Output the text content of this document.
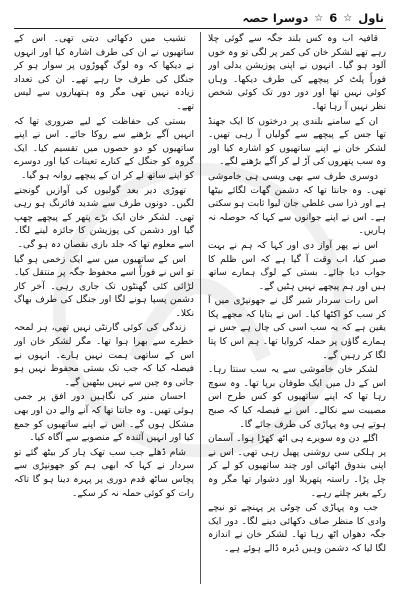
ناول
☆
6
☆
دوسرا حصہ

قافیہ اب وہ کس بلند جگہ سے گوئی چلا رہے تھے لشکر خان کی کمر پر لگی تو وہ خوں آلود ہو گیا۔ انہوں نے اپنی پوزیشن بدلی اور فوراً پلٹ کر پیچھے کی طرف دیکھا۔ وہاں کوئی نہیں تھا اور دور دور تک کوئی شخص نظر نہیں آ رہا تھا۔

ان کے سامنے بلندی پر درختوں کا ایک جھنڈ تھا جس کے پیچھے سے گولیاں آ رہی تھیں۔ لشکر خان نے اپنے ساتھیوں کو اشارہ کیا اور وہ سب پتھروں کی آڑ لے کر آگے بڑھنے لگے۔

دوسری طرف سے بھی ویسی ہی خاموشی تھی۔ وہ جانتا تھا کہ دشمن گھات لگائے بیٹھا ہے اور ذرا سی غلطی جان لیوا ثابت ہو سکتی ہے۔ اس نے اپنے جوانوں سے کہا کہ حوصلہ نہ ہاریں۔

اس نے پھر آواز دی اور کہا کہ ہم نے بہت صبر کیا، اب وقت آ گیا ہے کہ اس ظلم کا جواب دیا جائے۔ بستی کے لوگ ہمارے ساتھ ہیں اور ہم پیچھے نہیں ہٹیں گے۔

اس رات سردار شیر گل نے جھونپڑی میں آ کر سب کو اکٹھا کیا۔ اس نے بتایا کہ مجھے پکا یقین ہے کہ یہ سب اسی کی چال ہے جس نے ہمارے گاؤں پر حملہ کروایا تھا۔ ہم اس کا پتا لگا کر رہیں گے۔

لشکر خان خاموشی سے یہ سب سنتا رہا۔ اس کے دل میں ایک طوفان برپا تھا۔ وہ سوچ رہا تھا کہ اپنے ساتھیوں کو کس طرح اس مصیبت سے نکالے۔ اس نے فیصلہ کیا کہ صبح ہوتے ہی وہ پہاڑی کی طرف جائے گا۔

اگلے دن وہ سویرے ہی اٹھ کھڑا ہوا۔ آسمان پر ہلکی سی روشنی پھیل رہی تھی۔ اس نے اپنی بندوق اٹھائی اور چند ساتھیوں کو لے کر چل پڑا۔ راستہ پتھریلا اور دشوار تھا مگر وہ رکے بغیر چلتے رہے۔

جب وہ پہاڑی کی چوٹی پر پہنچے تو نیچے وادی کا منظر صاف دکھائی دینے لگا۔ دور ایک جگہ دھواں اٹھ رہا تھا۔ لشکر خان نے اندازہ لگا لیا کہ دشمن وہیں ڈیرہ ڈالے ہوئے ہے۔

نشیب میں دکھائی دیتی تھی۔ اس کے ساتھیوں نے ان کی طرف اشارہ کیا اور انہوں نے دیکھا کہ وہ لوگ گھوڑوں پر سوار ہو کر جنگل کی طرف جا رہے تھے۔ ان کی تعداد زیادہ نہیں تھی مگر وہ ہتھیاروں سے لیس تھے۔

بستی کی حفاظت کے لیے ضروری تھا کہ انہیں آگے بڑھنے سے روکا جائے۔ اس نے اپنے ساتھیوں کو دو حصوں میں تقسیم کیا۔ ایک گروہ کو جنگل کے کنارے تعینات کیا اور دوسرے کو اپنے ساتھ لے کر ان کے پیچھے روانہ ہو گیا۔

تھوڑی دیر بعد گولیوں کی آوازیں گونجنے لگیں۔ دونوں طرف سے شدید فائرنگ ہو رہی تھی۔ لشکر خان ایک بڑے پتھر کے پیچھے چھپ گیا اور دشمن کی پوزیشن کا جائزہ لینے لگا۔ اسے معلوم تھا کہ جلد بازی نقصان دہ ہو گی۔

اس کے ساتھیوں میں سے ایک زخمی ہو گیا تو اس نے فوراً اسے محفوظ جگہ پر منتقل کیا۔ لڑائی کئی گھنٹوں تک جاری رہی۔ آخر کار دشمن پسپا ہونے لگا اور جنگل کی طرف بھاگ نکلا۔

زندگی کی کوئی گارنٹی نہیں تھی، ہر لمحہ خطرے سے بھرا ہوا تھا۔ مگر لشکر خان اور اس کے ساتھی ہمت نہیں ہارے۔ انہوں نے فیصلہ کیا کہ جب تک بستی محفوظ نہیں ہو جاتی وہ چین سے نہیں بیٹھیں گے۔

احسان منیر کی نگاہیں دور افق پر جمی ہوئی تھیں۔ وہ جانتا تھا کہ آنے والے دن اور بھی مشکل ہوں گے۔ اس نے اپنے ساتھیوں کو جمع کیا اور انہیں آئندہ کے منصوبے سے آگاہ کیا۔

شام ڈھلے جب سب تھک ہار کر بیٹھ گئے تو سردار نے کہا کہ ابھی ہم کو جھونپڑی سے پچاس ساٹھ قدم دوری پر پہرہ دینا ہو گا تاکہ رات کو کوئی حملہ نہ کر سکے۔
